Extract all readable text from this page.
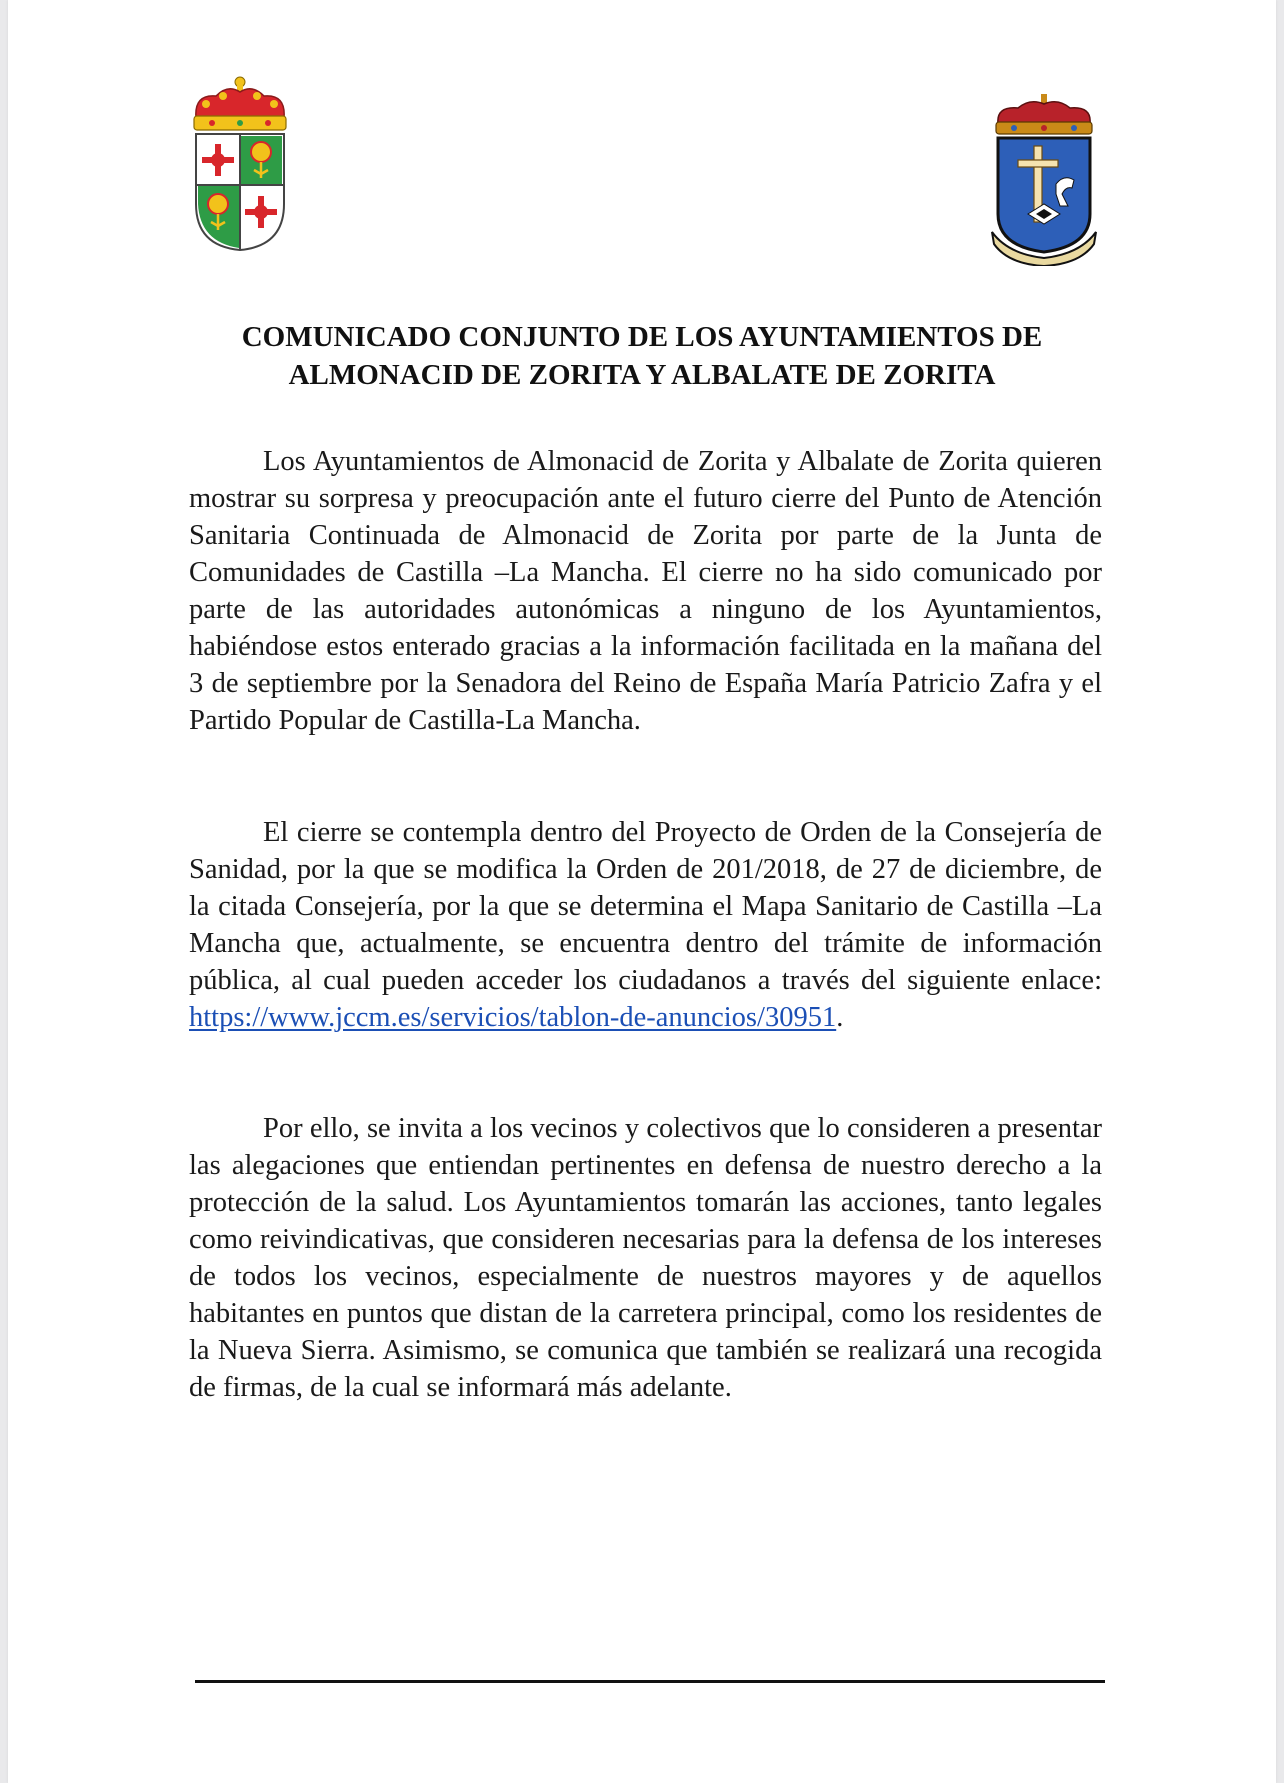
COMUNICADO CONJUNTO DE LOS AYUNTAMIENTOS DE
ALMONACID DE ZORITA Y ALBALATE DE ZORITA

Los Ayuntamientos de Almonacid de Zorita y Albalate de Zorita quieren mostrar su sorpresa y preocupación ante el futuro cierre del Punto de Atención Sanitaria Continuada de Almonacid de Zorita por parte de la Junta de Comunidades de Castilla –La Mancha. El cierre no ha sido comunicado por parte de las autoridades autonómicas a ninguno de los Ayuntamientos, habiéndose estos enterado gracias a la información facilitada en la mañana del 3 de septiembre por la Senadora del Reino de España María Patricio Zafra y el Partido Popular de Castilla-La Mancha.

El cierre se contempla dentro del Proyecto de Orden de la Consejería de Sanidad, por la que se modifica la Orden de 201/2018, de 27 de diciembre, de la citada Consejería, por la que se determina el Mapa Sanitario de Castilla –La Mancha que, actualmente, se encuentra dentro del trámite de información pública, al cual pueden acceder los ciudadanos a través del siguiente enlace: https://www.jccm.es/servicios/tablon-de-anuncios/30951.

Por ello, se invita a los vecinos y colectivos que lo consideren a presentar las alegaciones que entiendan pertinentes en defensa de nuestro derecho a la protección de la salud. Los Ayuntamientos tomarán las acciones, tanto legales como reivindicativas, que consideren necesarias para la defensa de los intereses de todos los vecinos, especialmente de nuestros mayores y de aquellos habitantes en puntos que distan de la carretera principal, como los residentes de la Nueva Sierra. Asimismo, se comunica que también se realizará una recogida de firmas, de la cual se informará más adelante.
